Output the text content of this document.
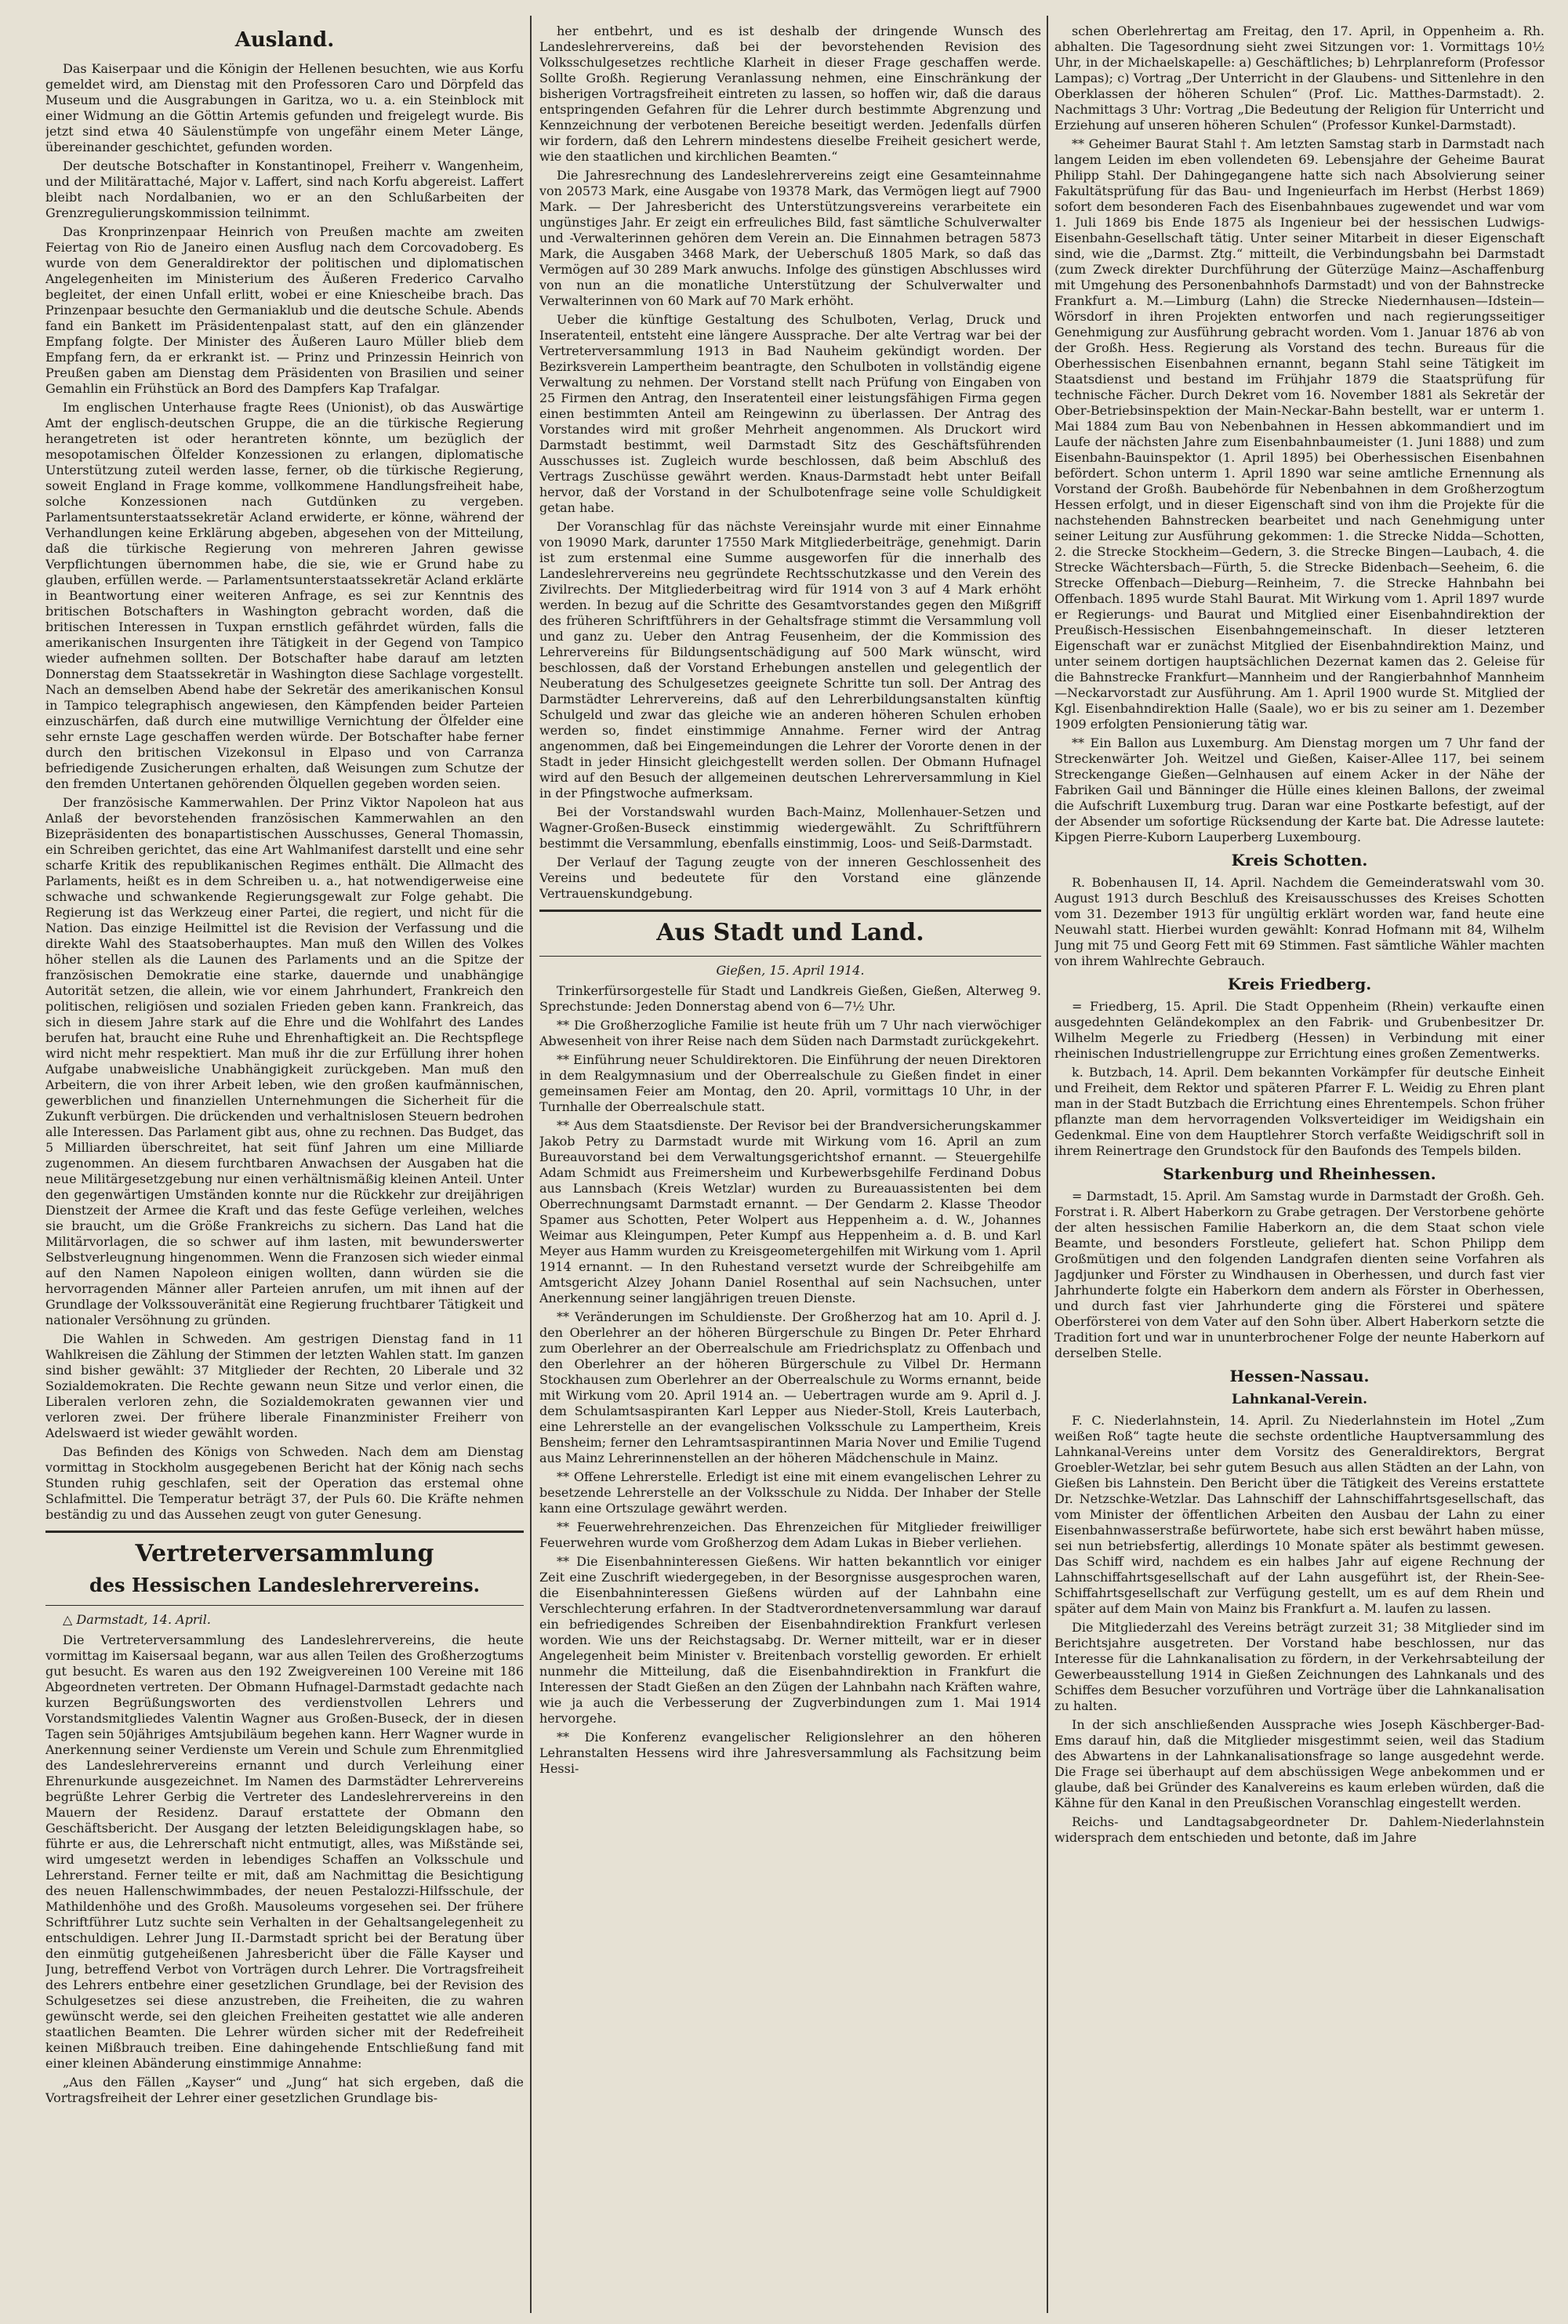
Ausland.

Das Kaiserpaar und die Königin der Hellenen besuchten, wie aus Korfu gemeldet wird, am Dienstag mit den Professoren Caro und Dörpfeld das Museum und die Ausgrabungen in Garitza, wo u. a. ein Steinblock mit einer Widmung an die Göttin Artemis gefunden und freigelegt wurde. Bis jetzt sind etwa 40 Säulenstümpfe von ungefähr einem Meter Länge, übereinander geschichtet, gefunden worden.

Der deutsche Botschafter in Konstantinopel, Freiherr v. Wangenheim, und der Militärattaché, Major v. Laffert, sind nach Korfu abgereist. Laffert bleibt nach Nordalbanien, wo er an den Schlußarbeiten der Grenzregulierungskommission teilnimmt.

Das Kronprinzenpaar Heinrich von Preußen machte am zweiten Feiertag von Rio de Janeiro einen Ausflug nach dem Corcovadoberg. Es wurde von dem Generaldirektor der politischen und diplomatischen Angelegenheiten im Ministerium des Äußeren Frederico Carvalho begleitet, der einen Unfall erlitt, wobei er eine Kniescheibe brach. Das Prinzenpaar besuchte den Germaniaklub und die deutsche Schule. Abends fand ein Bankett im Präsidentenpalast statt, auf den ein glänzender Empfang folgte. Der Minister des Äußeren Lauro Müller blieb dem Empfang fern, da er erkrankt ist. — Prinz und Prinzessin Heinrich von Preußen gaben am Dienstag dem Präsidenten von Brasilien und seiner Gemahlin ein Frühstück an Bord des Dampfers Kap Trafalgar.

Im englischen Unterhause fragte Rees (Unionist), ob das Auswärtige Amt der englisch-deutschen Gruppe, die an die türkische Regierung herangetreten ist oder herantreten könnte, um bezüglich der mesopotamischen Ölfelder Konzessionen zu erlangen, diplomatische Unterstützung zuteil werden lasse, ferner, ob die türkische Regierung, soweit England in Frage komme, vollkommene Handlungsfreiheit habe, solche Konzessionen nach Gutdünken zu vergeben. Parlamentsunterstaatssekretär Acland erwiderte, er könne, während der Verhandlungen keine Erklärung abgeben, abgesehen von der Mitteilung, daß die türkische Regierung von mehreren Jahren gewisse Verpflichtungen übernommen habe, die sie, wie er Grund habe zu glauben, erfüllen werde. — Parlamentsunterstaatssekretär Acland erklärte in Beantwortung einer weiteren Anfrage, es sei zur Kenntnis des britischen Botschafters in Washington gebracht worden, daß die britischen Interessen in Tuxpan ernstlich gefährdet würden, falls die amerikanischen Insurgenten ihre Tätigkeit in der Gegend von Tampico wieder aufnehmen sollten. Der Botschafter habe darauf am letzten Donnerstag dem Staatssekretär in Washington diese Sachlage vorgestellt. Nach an demselben Abend habe der Sekretär des amerikanischen Konsul in Tampico telegraphisch angewiesen, den Kämpfenden beider Parteien einzuschärfen, daß durch eine mutwillige Vernichtung der Ölfelder eine sehr ernste Lage geschaffen werden würde. Der Botschafter habe ferner durch den britischen Vizekonsul in Elpaso und von Carranza befriedigende Zusicherungen erhalten, daß Weisungen zum Schutze der den fremden Untertanen gehörenden Ölquellen gegeben worden seien.

Der französische Kammerwahlen. Der Prinz Viktor Napoleon hat aus Anlaß der bevorstehenden französischen Kammerwahlen an den Bizepräsidenten des bonapartistischen Ausschusses, General Thomassin, ein Schreiben gerichtet, das eine Art Wahlmanifest darstellt und eine sehr scharfe Kritik des republikanischen Regimes enthält. Die Allmacht des Parlaments, heißt es in dem Schreiben u. a., hat notwendigerweise eine schwache und schwankende Regierungsgewalt zur Folge gehabt. Die Regierung ist das Werkzeug einer Partei, die regiert, und nicht für die Nation. Das einzige Heilmittel ist die Revision der Verfassung und die direkte Wahl des Staatsoberhauptes. Man muß den Willen des Volkes höher stellen als die Launen des Parlaments und an die Spitze der französischen Demokratie eine starke, dauernde und unabhängige Autorität setzen, die allein, wie vor einem Jahrhundert, Frankreich den politischen, religiösen und sozialen Frieden geben kann. Frankreich, das sich in diesem Jahre stark auf die Ehre und die Wohlfahrt des Landes berufen hat, braucht eine Ruhe und Ehrenhaftigkeit an. Die Rechtspflege wird nicht mehr respektiert. Man muß ihr die zur Erfüllung ihrer hohen Aufgabe unabweisliche Unabhängigkeit zurückgeben. Man muß den Arbeitern, die von ihrer Arbeit leben, wie den großen kaufmännischen, gewerblichen und finanziellen Unternehmungen die Sicherheit für die Zukunft verbürgen. Die drückenden und verhaltnislosen Steuern bedrohen alle Interessen. Das Parlament gibt aus, ohne zu rechnen. Das Budget, das 5 Milliarden überschreitet, hat seit fünf Jahren um eine Milliarde zugenommen. An diesem furchtbaren Anwachsen der Ausgaben hat die neue Militärgesetzgebung nur einen verhältnismäßig kleinen Anteil. Unter den gegenwärtigen Umständen konnte nur die Rückkehr zur dreijährigen Dienstzeit der Armee die Kraft und das feste Gefüge verleihen, welches sie braucht, um die Größe Frankreichs zu sichern. Das Land hat die Militärvorlagen, die so schwer auf ihm lasten, mit bewunderswerter Selbstverleugnung hingenommen. Wenn die Franzosen sich wieder einmal auf den Namen Napoleon einigen wollten, dann würden sie die hervorragenden Männer aller Parteien anrufen, um mit ihnen auf der Grundlage der Volkssouveränität eine Regierung fruchtbarer Tätigkeit und nationaler Versöhnung zu gründen.

Die Wahlen in Schweden. Am gestrigen Dienstag fand in 11 Wahlkreisen die Zählung der Stimmen der letzten Wahlen statt. Im ganzen sind bisher gewählt: 37 Mitglieder der Rechten, 20 Liberale und 32 Sozialdemokraten. Die Rechte gewann neun Sitze und verlor einen, die Liberalen verloren zehn, die Sozialdemokraten gewannen vier und verloren zwei. Der frühere liberale Finanzminister Freiherr von Adelswaerd ist wieder gewählt worden.

Das Befinden des Königs von Schweden. Nach dem am Dienstag vormittag in Stockholm ausgegebenen Bericht hat der König nach sechs Stunden ruhig geschlafen, seit der Operation das erstemal ohne Schlafmittel. Die Temperatur beträgt 37, der Puls 60. Die Kräfte nehmen beständig zu und das Aussehen zeugt von guter Genesung.

Vertreterversammlung
des Hessischen Landeslehrervereins.
△ Darmstadt, 14. April.

Die Vertreterversammlung des Landeslehrervereins, die heute vormittag im Kaisersaal begann, war aus allen Teilen des Großherzogtums gut besucht. Es waren aus den 192 Zweigvereinen 100 Vereine mit 186 Abgeordneten vertreten. Der Obmann Hufnagel-Darmstadt gedachte nach kurzen Begrüßungsworten des verdienstvollen Lehrers und Vorstandsmitgliedes Valentin Wagner aus Großen-Buseck, der in diesen Tagen sein 50jähriges Amtsjubiläum begehen kann. Herr Wagner wurde in Anerkennung seiner Verdienste um Verein und Schule zum Ehrenmitglied des Landeslehrervereins ernannt und durch Verleihung einer Ehrenurkunde ausgezeichnet. Im Namen des Darmstädter Lehrervereins begrüßte Lehrer Gerbig die Vertreter des Landeslehrervereins in den Mauern der Residenz. Darauf erstattete der Obmann den Geschäftsbericht. Der Ausgang der letzten Beleidigungsklagen habe, so führte er aus, die Lehrerschaft nicht entmutigt, alles, was Mißstände sei, wird umgesetzt werden in lebendiges Schaffen an Volksschule und Lehrerstand. Ferner teilte er mit, daß am Nachmittag die Besichtigung des neuen Hallenschwimmbades, der neuen Pestalozzi-Hilfsschule, der Mathildenhöhe und des Großh. Mausoleums vorgesehen sei. Der frühere Schriftführer Lutz suchte sein Verhalten in der Gehaltsangelegenheit zu entschuldigen. Lehrer Jung II.-Darmstadt spricht bei der Beratung über den einmütig gutgeheißenen Jahresbericht über die Fälle Kayser und Jung, betreffend Verbot von Vorträgen durch Lehrer. Die Vortragsfreiheit des Lehrers entbehre einer gesetzlichen Grundlage, bei der Revision des Schulgesetzes sei diese anzustreben, die Freiheiten, die zu wahren gewünscht werde, sei den gleichen Freiheiten gestattet wie alle anderen staatlichen Beamten. Die Lehrer würden sicher mit der Redefreiheit keinen Mißbrauch treiben. Eine dahingehende Entschließung fand mit einer kleinen Abänderung einstimmige Annahme:

„Aus den Fällen „Kayser“ und „Jung“ hat sich ergeben, daß die Vortragsfreiheit der Lehrer einer gesetzlichen Grundlage bis-

her entbehrt, und es ist deshalb der dringende Wunsch des Landeslehrervereins, daß bei der bevorstehenden Revision des Volksschulgesetzes rechtliche Klarheit in dieser Frage geschaffen werde. Sollte Großh. Regierung Veranlassung nehmen, eine Einschränkung der bisherigen Vortragsfreiheit eintreten zu lassen, so hoffen wir, daß die daraus entspringenden Gefahren für die Lehrer durch bestimmte Abgrenzung und Kennzeichnung der verbotenen Bereiche beseitigt werden. Jedenfalls dürfen wir fordern, daß den Lehrern mindestens dieselbe Freiheit gesichert werde, wie den staatlichen und kirchlichen Beamten.“

Die Jahresrechnung des Landeslehrervereins zeigt eine Gesamteinnahme von 20573 Mark, eine Ausgabe von 19378 Mark, das Vermögen liegt auf 7900 Mark. — Der Jahresbericht des Unterstützungsvereins verarbeitete ein ungünstiges Jahr. Er zeigt ein erfreuliches Bild, fast sämtliche Schulverwalter und -Verwalterinnen gehören dem Verein an. Die Einnahmen betragen 5873 Mark, die Ausgaben 3468 Mark, der Ueberschuß 1805 Mark, so daß das Vermögen auf 30 289 Mark anwuchs. Infolge des günstigen Abschlusses wird von nun an die monatliche Unterstützung der Schulverwalter und Verwalterinnen von 60 Mark auf 70 Mark erhöht.

Ueber die künftige Gestaltung des Schulboten, Verlag, Druck und Inseratenteil, entsteht eine längere Aussprache. Der alte Vertrag war bei der Vertreterversammlung 1913 in Bad Nauheim gekündigt worden. Der Bezirksverein Lampertheim beantragte, den Schulboten in vollständig eigene Verwaltung zu nehmen. Der Vorstand stellt nach Prüfung von Eingaben von 25 Firmen den Antrag, den Inseratenteil einer leistungsfähigen Firma gegen einen bestimmten Anteil am Reingewinn zu überlassen. Der Antrag des Vorstandes wird mit großer Mehrheit angenommen. Als Druckort wird Darmstadt bestimmt, weil Darmstadt Sitz des Geschäftsführenden Ausschusses ist. Zugleich wurde beschlossen, daß beim Abschluß des Vertrags Zuschüsse gewährt werden. Knaus-Darmstadt hebt unter Beifall hervor, daß der Vorstand in der Schulbotenfrage seine volle Schuldigkeit getan habe.

Der Voranschlag für das nächste Vereinsjahr wurde mit einer Einnahme von 19090 Mark, darunter 17550 Mark Mitgliederbeiträge, genehmigt. Darin ist zum erstenmal eine Summe ausgeworfen für die innerhalb des Landeslehrervereins neu gegründete Rechtsschutzkasse und den Verein des Zivilrechts. Der Mitgliederbeitrag wird für 1914 von 3 auf 4 Mark erhöht werden. In bezug auf die Schritte des Gesamtvorstandes gegen den Mißgriff des früheren Schriftführers in der Gehaltsfrage stimmt die Versammlung voll und ganz zu. Ueber den Antrag Feusenheim, der die Kommission des Lehrervereins für Bildungsentschädigung auf 500 Mark wünscht, wird beschlossen, daß der Vorstand Erhebungen anstellen und gelegentlich der Neuberatung des Schulgesetzes geeignete Schritte tun soll. Der Antrag des Darmstädter Lehrervereins, daß auf den Lehrerbildungsanstalten künftig Schulgeld und zwar das gleiche wie an anderen höheren Schulen erhoben werden so, findet einstimmige Annahme. Ferner wird der Antrag angenommen, daß bei Eingemeindungen die Lehrer der Vororte denen in der Stadt in jeder Hinsicht gleichgestellt werden sollen. Der Obmann Hufnagel wird auf den Besuch der allgemeinen deutschen Lehrerversammlung in Kiel in der Pfingstwoche aufmerksam.

Bei der Vorstandswahl wurden Bach-Mainz, Mollenhauer-Setzen und Wagner-Großen-Buseck einstimmig wiedergewählt. Zu Schriftführern bestimmt die Versammlung, ebenfalls einstimmig, Loos- und Seiß-Darmstadt.

Der Verlauf der Tagung zeugte von der inneren Geschlossenheit des Vereins und bedeutete für den Vorstand eine glänzende Vertrauenskundgebung.

Aus Stadt und Land.
Gießen, 15. April 1914.

Trinkerfürsorgestelle für Stadt und Landkreis Gießen, Gießen, Alterweg 9. Sprechstunde: Jeden Donnerstag abend von 6—7½ Uhr.

** Die Großherzogliche Familie ist heute früh um 7 Uhr nach vierwöchiger Abwesenheit von ihrer Reise nach dem Süden nach Darmstadt zurückgekehrt.

** Einführung neuer Schuldirektoren. Die Einführung der neuen Direktoren in dem Realgymnasium und der Oberrealschule zu Gießen findet in einer gemeinsamen Feier am Montag, den 20. April, vormittags 10 Uhr, in der Turnhalle der Oberrealschule statt.

** Aus dem Staatsdienste. Der Revisor bei der Brandversicherungskammer Jakob Petry zu Darmstadt wurde mit Wirkung vom 16. April an zum Bureauvorstand bei dem Verwaltungsgerichtshof ernannt. — Steuergehilfe Adam Schmidt aus Freimersheim und Kurbewerbsgehilfe Ferdinand Dobus aus Lannsbach (Kreis Wetzlar) wurden zu Bureauassistenten bei dem Oberrechnungsamt Darmstadt ernannt. — Der Gendarm 2. Klasse Theodor Spamer aus Schotten, Peter Wolpert aus Heppenheim a. d. W., Johannes Weimar aus Kleingumpen, Peter Kumpf aus Heppenheim a. d. B. und Karl Meyer aus Hamm wurden zu Kreisgeometergehilfen mit Wirkung vom 1. April 1914 ernannt. — In den Ruhestand versetzt wurde der Schreibgehilfe am Amtsgericht Alzey Johann Daniel Rosenthal auf sein Nachsuchen, unter Anerkennung seiner langjährigen treuen Dienste.

** Veränderungen im Schuldienste. Der Großherzog hat am 10. April d. J. den Oberlehrer an der höheren Bürgerschule zu Bingen Dr. Peter Ehrhard zum Oberlehrer an der Oberrealschule am Friedrichsplatz zu Offenbach und den Oberlehrer an der höheren Bürgerschule zu Vilbel Dr. Hermann Stockhausen zum Oberlehrer an der Oberrealschule zu Worms ernannt, beide mit Wirkung vom 20. April 1914 an. — Uebertragen wurde am 9. April d. J. dem Schulamtsaspiranten Karl Lepper aus Nieder-Stoll, Kreis Lauterbach, eine Lehrerstelle an der evangelischen Volksschule zu Lampertheim, Kreis Bensheim; ferner den Lehramtsaspirantinnen Maria Nover und Emilie Tugend aus Mainz Lehrerinnenstellen an der höheren Mädchenschule in Mainz.

** Offene Lehrerstelle. Erledigt ist eine mit einem evangelischen Lehrer zu besetzende Lehrerstelle an der Volksschule zu Nidda. Der Inhaber der Stelle kann eine Ortszulage gewährt werden.

** Feuerwehrehrenzeichen. Das Ehrenzeichen für Mitglieder freiwilliger Feuerwehren wurde vom Großherzog dem Adam Lukas in Bieber verliehen.

** Die Eisenbahninteressen Gießens. Wir hatten bekanntlich vor einiger Zeit eine Zuschrift wiedergegeben, in der Besorgnisse ausgesprochen waren, die Eisenbahninteressen Gießens würden auf der Lahnbahn eine Verschlechterung erfahren. In der Stadtverordnetenversammlung war darauf ein befriedigendes Schreiben der Eisenbahndirektion Frankfurt verlesen worden. Wie uns der Reichstagsabg. Dr. Werner mitteilt, war er in dieser Angelegenheit beim Minister v. Breitenbach vorstellig geworden. Er erhielt nunmehr die Mitteilung, daß die Eisenbahndirektion in Frankfurt die Interessen der Stadt Gießen an den Zügen der Lahnbahn nach Kräften wahre, wie ja auch die Verbesserung der Zugverbindungen zum 1. Mai 1914 hervorgehe.

** Die Konferenz evangelischer Religionslehrer an den höheren Lehranstalten Hessens wird ihre Jahresversammlung als Fachsitzung beim Hessi-

schen Oberlehrertag am Freitag, den 17. April, in Oppenheim a. Rh. abhalten. Die Tagesordnung sieht zwei Sitzungen vor: 1. Vormittags 10½ Uhr, in der Michaelskapelle: a) Geschäftliches; b) Lehrplanreform (Professor Lampas); c) Vortrag „Der Unterricht in der Glaubens- und Sittenlehre in den Oberklassen der höheren Schulen“ (Prof. Lic. Matthes-Darmstadt). 2. Nachmittags 3 Uhr: Vortrag „Die Bedeutung der Religion für Unterricht und Erziehung auf unseren höheren Schulen“ (Professor Kunkel-Darmstadt).

** Geheimer Baurat Stahl †. Am letzten Samstag starb in Darmstadt nach langem Leiden im eben vollendeten 69. Lebensjahre der Geheime Baurat Philipp Stahl. Der Dahingegangene hatte sich nach Absolvierung seiner Fakultätsprüfung für das Bau- und Ingenieurfach im Herbst (Herbst 1869) sofort dem besonderen Fach des Eisenbahnbaues zugewendet und war vom 1. Juli 1869 bis Ende 1875 als Ingenieur bei der hessischen Ludwigs-Eisenbahn-Gesellschaft tätig. Unter seiner Mitarbeit in dieser Eigenschaft sind, wie die „Darmst. Ztg.“ mitteilt, die Verbindungsbahn bei Darmstadt (zum Zweck direkter Durchführung der Güterzüge Mainz—Aschaffenburg mit Umgehung des Personenbahnhofs Darmstadt) und von der Bahnstrecke Frankfurt a. M.—Limburg (Lahn) die Strecke Niedernhausen—Idstein—Wörsdorf in ihren Projekten entworfen und nach regierungsseitiger Genehmigung zur Ausführung gebracht worden. Vom 1. Januar 1876 ab von der Großh. Hess. Regierung als Vorstand des techn. Bureaus für die Oberhessischen Eisenbahnen ernannt, begann Stahl seine Tätigkeit im Staatsdienst und bestand im Frühjahr 1879 die Staatsprüfung für technische Fächer. Durch Dekret vom 16. November 1881 als Sekretär der Ober-Betriebsinspektion der Main-Neckar-Bahn bestellt, war er unterm 1. Mai 1884 zum Bau von Nebenbahnen in Hessen abkommandiert und im Laufe der nächsten Jahre zum Eisenbahnbaumeister (1. Juni 1888) und zum Eisenbahn-Bauinspektor (1. April 1895) bei Oberhessischen Eisenbahnen befördert. Schon unterm 1. April 1890 war seine amtliche Ernennung als Vorstand der Großh. Baubehörde für Nebenbahnen in dem Großherzogtum Hessen erfolgt, und in dieser Eigenschaft sind von ihm die Projekte für die nachstehenden Bahnstrecken bearbeitet und nach Genehmigung unter seiner Leitung zur Ausführung gekommen: 1. die Strecke Nidda—Schotten, 2. die Strecke Stockheim—Gedern, 3. die Strecke Bingen—Laubach, 4. die Strecke Wächtersbach—Fürth, 5. die Strecke Bidenbach—Seeheim, 6. die Strecke Offenbach—Dieburg—Reinheim, 7. die Strecke Hahnbahn bei Offenbach. 1895 wurde Stahl Baurat. Mit Wirkung vom 1. April 1897 wurde er Regierungs- und Baurat und Mitglied einer Eisenbahndirektion der Preußisch-Hessischen Eisenbahngemeinschaft. In dieser letzteren Eigenschaft war er zunächst Mitglied der Eisenbahndirektion Mainz, und unter seinem dortigen hauptsächlichen Dezernat kamen das 2. Geleise für die Bahnstrecke Frankfurt—Mannheim und der Rangierbahnhof Mannheim—Neckarvorstadt zur Ausführung. Am 1. April 1900 wurde St. Mitglied der Kgl. Eisenbahndirektion Halle (Saale), wo er bis zu seiner am 1. Dezember 1909 erfolgten Pensionierung tätig war.

** Ein Ballon aus Luxemburg. Am Dienstag morgen um 7 Uhr fand der Streckenwärter Joh. Weitzel und Gießen, Kaiser-Allee 117, bei seinem Streckengange Gießen—Gelnhausen auf einem Acker in der Nähe der Fabriken Gail und Bänninger die Hülle eines kleinen Ballons, der zweimal die Aufschrift Luxemburg trug. Daran war eine Postkarte befestigt, auf der der Absender um sofortige Rücksendung der Karte bat. Die Adresse lautete: Kipgen Pierre-Kuborn Lauperberg Luxembourg.

Kreis Schotten.

R. Bobenhausen II, 14. April. Nachdem die Gemeinderatswahl vom 30. August 1913 durch Beschluß des Kreisausschusses des Kreises Schotten vom 31. Dezember 1913 für ungültig erklärt worden war, fand heute eine Neuwahl statt. Hierbei wurden gewählt: Konrad Hofmann mit 84, Wilhelm Jung mit 75 und Georg Fett mit 69 Stimmen. Fast sämtliche Wähler machten von ihrem Wahlrechte Gebrauch.

Kreis Friedberg.

= Friedberg, 15. April. Die Stadt Oppenheim (Rhein) verkaufte einen ausgedehnten Geländekomplex an den Fabrik- und Grubenbesitzer Dr. Wilhelm Megerle zu Friedberg (Hessen) in Verbindung mit einer rheinischen Industriellengruppe zur Errichtung eines großen Zementwerks.

k. Butzbach, 14. April. Dem bekannten Vorkämpfer für deutsche Einheit und Freiheit, dem Rektor und späteren Pfarrer F. L. Weidig zu Ehren plant man in der Stadt Butzbach die Errichtung eines Ehrentempels. Schon früher pflanzte man dem hervorragenden Volksverteidiger im Weidigshain ein Gedenkmal. Eine von dem Hauptlehrer Storch verfaßte Weidigschrift soll in ihrem Reinertrage den Grundstock für den Baufonds des Tempels bilden.

Starkenburg und Rheinhessen.

= Darmstadt, 15. April. Am Samstag wurde in Darmstadt der Großh. Geh. Forstrat i. R. Albert Haberkorn zu Grabe getragen. Der Verstorbene gehörte der alten hessischen Familie Haberkorn an, die dem Staat schon viele Beamte, und besonders Forstleute, geliefert hat. Schon Philipp dem Großmütigen und den folgenden Landgrafen dienten seine Vorfahren als Jagdjunker und Förster zu Windhausen in Oberhessen, und durch fast vier Jahrhunderte folgte ein Haberkorn dem andern als Förster in Oberhessen, und durch fast vier Jahrhunderte ging die Försterei und spätere Oberförsterei von dem Vater auf den Sohn über. Albert Haberkorn setzte die Tradition fort und war in ununterbrochener Folge der neunte Haberkorn auf derselben Stelle.

Hessen-Nassau.
Lahnkanal-Verein.

F. C. Niederlahnstein, 14. April. Zu Niederlahnstein im Hotel „Zum weißen Roß“ tagte heute die sechste ordentliche Hauptversammlung des Lahnkanal-Vereins unter dem Vorsitz des Generaldirektors, Bergrat Groebler-Wetzlar, bei sehr gutem Besuch aus allen Städten an der Lahn, von Gießen bis Lahnstein. Den Bericht über die Tätigkeit des Vereins erstattete Dr. Netzschke-Wetzlar. Das Lahnschiff der Lahnschiffahrtsgesellschaft, das vom Minister der öffentlichen Arbeiten den Ausbau der Lahn zu einer Eisenbahnwasserstraße befürwortete, habe sich erst bewährt haben müsse, sei nun betriebsfertig, allerdings 10 Monate später als bestimmt gewesen. Das Schiff wird, nachdem es ein halbes Jahr auf eigene Rechnung der Lahnschiffahrtsgesellschaft auf der Lahn ausgeführt ist, der Rhein-See-Schiffahrtsgesellschaft zur Verfügung gestellt, um es auf dem Rhein und später auf dem Main von Mainz bis Frankfurt a. M. laufen zu lassen.

Die Mitgliederzahl des Vereins beträgt zurzeit 31; 38 Mitglieder sind im Berichtsjahre ausgetreten. Der Vorstand habe beschlossen, nur das Interesse für die Lahnkanalisation zu fördern, in der Verkehrsabteilung der Gewerbeausstellung 1914 in Gießen Zeichnungen des Lahnkanals und des Schiffes dem Besucher vorzuführen und Vorträge über die Lahnkanalisation zu halten.

In der sich anschließenden Aussprache wies Joseph Käschberger-Bad-Ems darauf hin, daß die Mitglieder misgestimmt seien, weil das Stadium des Abwartens in der Lahnkanalisationsfrage so lange ausgedehnt werde. Die Frage sei überhaupt auf dem abschüssigen Wege anbekommen und er glaube, daß bei Gründer des Kanalvereins es kaum erleben würden, daß die Kähne für den Kanal in den Preußischen Voranschlag eingestellt werden.

Reichs- und Landtagsabgeordneter Dr. Dahlem-Niederlahnstein widersprach dem entschieden und betonte, daß im Jahre
